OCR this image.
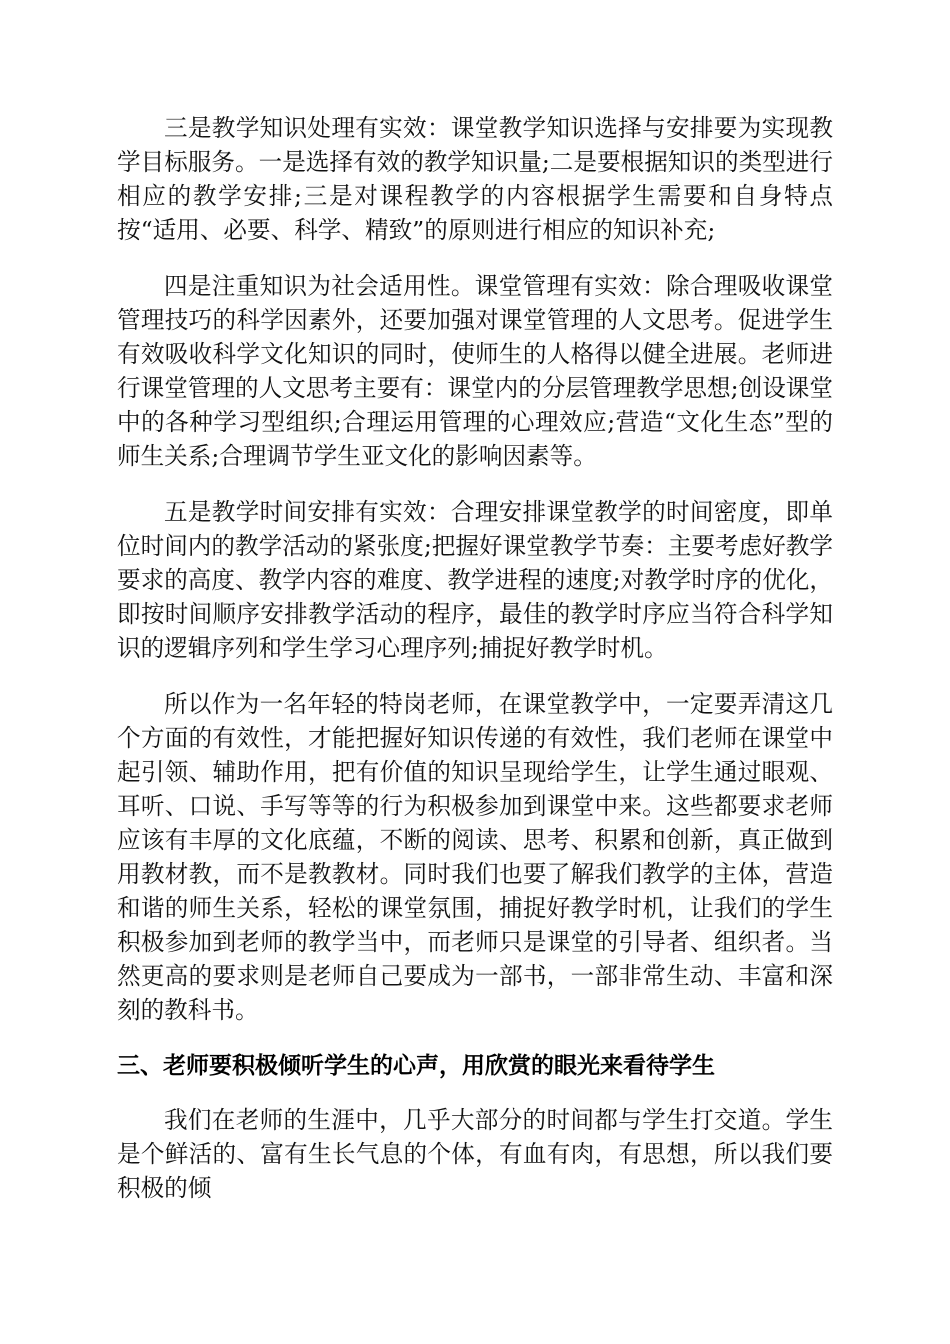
三是教学知识处理有实效：课堂教学知识选择与安排要为实现教学目标服务。一是选择有效的教学知识量;二是要根据知识的类型进行相应的教学安排;三是对课程教学的内容根据学生需要和自身特点按“适用、必要、科学、精致”的原则进行相应的知识补充;

四是注重知识为社会适用性。课堂管理有实效：除合理吸收课堂管理技巧的科学因素外，还要加强对课堂管理的人文思考。促进学生有效吸收科学文化知识的同时，使师生的人格得以健全进展。老师进行课堂管理的人文思考主要有：课堂内的分层管理教学思想;创设课堂中的各种学习型组织;合理运用管理的心理效应;营造“文化生态”型的师生关系;合理调节学生亚文化的影响因素等。

五是教学时间安排有实效：合理安排课堂教学的时间密度，即单位时间内的教学活动的紧张度;把握好课堂教学节奏：主要考虑好教学要求的高度、教学内容的难度、教学进程的速度;对教学时序的优化，即按时间顺序安排教学活动的程序，最佳的教学时序应当符合科学知识的逻辑序列和学生学习心理序列;捕捉好教学时机。

所以作为一名年轻的特岗老师，在课堂教学中，一定要弄清这几个方面的有效性，才能把握好知识传递的有效性，我们老师在课堂中起引领、辅助作用，把有价值的知识呈现给学生，让学生通过眼观、耳听、口说、手写等等的行为积极参加到课堂中来。这些都要求老师应该有丰厚的文化底蕴，不断的阅读、思考、积累和创新，真正做到用教材教，而不是教教材。同时我们也要了解我们教学的主体，营造和谐的师生关系，轻松的课堂氛围，捕捉好教学时机，让我们的学生积极参加到老师的教学当中，而老师只是课堂的引导者、组织者。当然更高的要求则是老师自己要成为一部书，一部非常生动、丰富和深刻的教科书。

三、老师要积极倾听学生的心声，用欣赏的眼光来看待学生

我们在老师的生涯中，几乎大部分的时间都与学生打交道。学生是个鲜活的、富有生长气息的个体，有血有肉，有思想，所以我们要积极的倾
